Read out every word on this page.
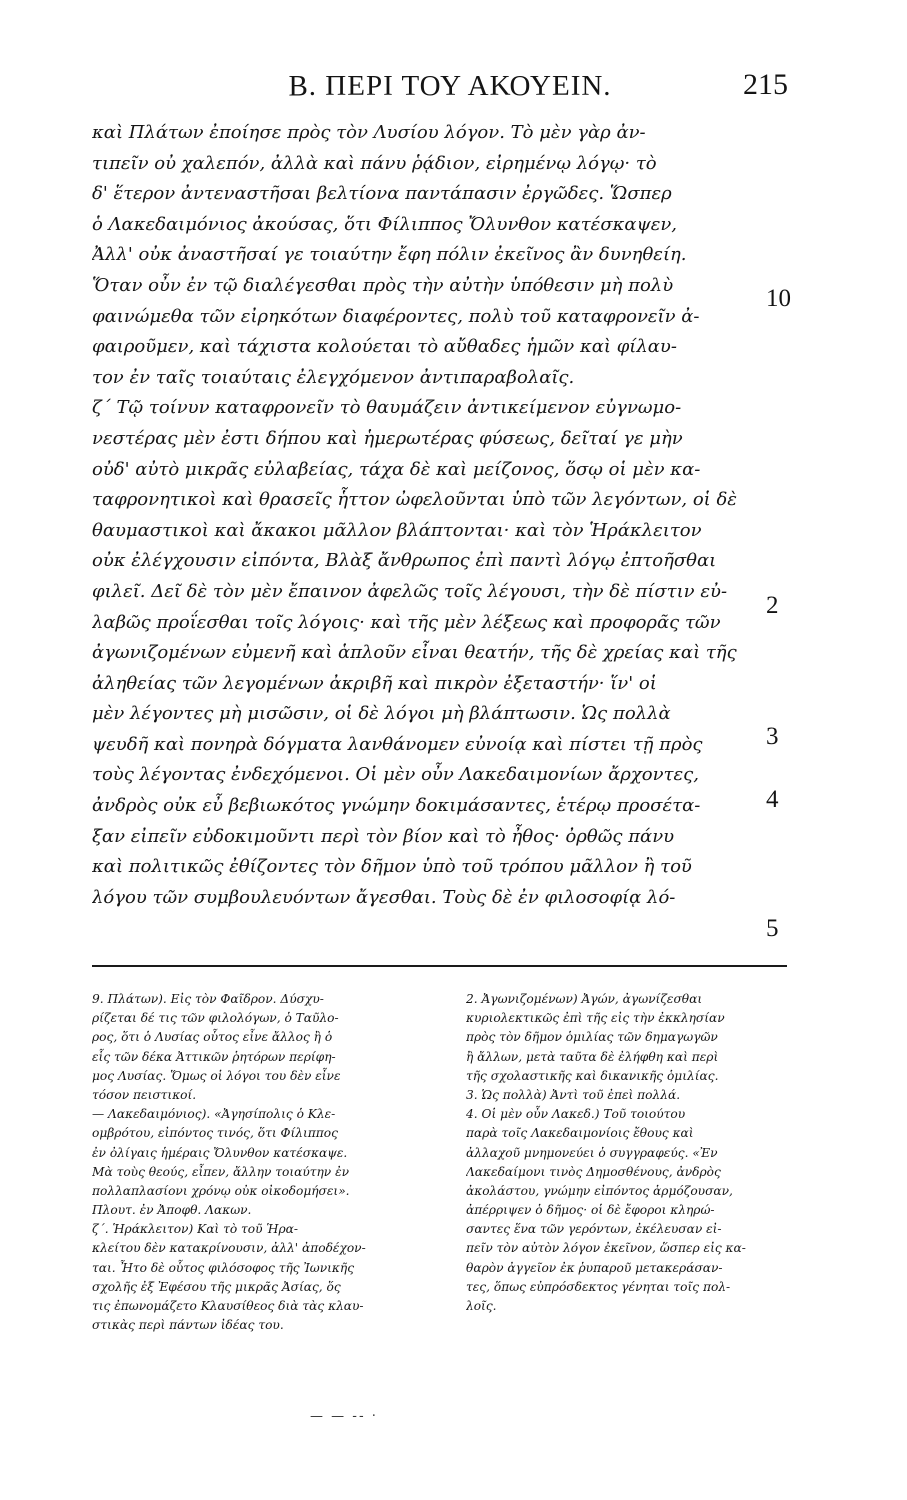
Β. ΠΕΡΙ ΤΟΥ ΑΚΟΥΕΙΝ.	215
καὶ Πλάτων ἐποίησε πρὸς τὸν Λυσίου λόγον. Τὸ μὲν γὰρ ἀν-
τιπεῖν οὐ χαλεπόν, ἀλλὰ καὶ πάνυ ῥᾴδιον, εἰρημένῳ λόγῳ· τὸ
δ' ἕτερον ἀντεναστῆσαι βελτίονα παντάπασιν ἐργῶδες. Ὥσπερ
ὁ Λακεδαιμόνιος ἀκούσας, ὅτι Φίλιππος Ὄλυνθον κατέσκαψεν,
Ἀλλ' οὐκ ἀναστῆσαί γε τοιαύτην ἔφη πόλιν ἐκεῖνος ἂν δυνηθείη.
Ὅταν οὖν ἐν τῷ διαλέγεσθαι πρὸς τὴν αὐτὴν ὑπόθεσιν μὴ πολὺ
φαινώμεθα τῶν εἰρηκότων διαφέροντες, πολὺ τοῦ καταφρονεῖν ἀ-
φαιροῦμεν, καὶ τάχιστα κολούεται τὸ αὔθαδες ἡμῶν καὶ φίλαυ-
τον ἐν ταῖς τοιαύταις ἐλεγχόμενον ἀντιπαραβολαῖς.
ζ΄ Τῷ τοίνυν καταφρονεῖν τὸ θαυμάζειν ἀντικείμενον εὐγνωμο-
νεστέρας μὲν ἐστι δήπου καὶ ἡμερωτέρας φύσεως, δεῖταί γε μὴν
οὐδ' αὐτὸ μικρᾶς εὐλαβείας, τάχα δὲ καὶ μείζονος, ὅσῳ οἱ μὲν κα-
ταφρονητικοὶ καὶ θρασεῖς ἧττον ὠφελοῦνται ὑπὸ τῶν λεγόντων, οἱ δὲ
θαυμαστικοὶ καὶ ἄκακοι μᾶλλον βλάπτονται· καὶ τὸν Ἡράκλειτον
οὐκ ἐλέγχουσιν εἰπόντα, Βλὰξ ἄνθρωπος ἐπὶ παντὶ λόγῳ ἐπτοῆσθαι
φιλεῖ. Δεῖ δὲ τὸν μὲν ἔπαινον ἀφελῶς τοῖς λέγουσι, τὴν δὲ πίστιν εὐ-
λαβῶς προΐεσθαι τοῖς λόγοις· καὶ τῆς μὲν λέξεως καὶ προφορᾶς τῶν
ἀγωνιζομένων εὐμενῆ καὶ ἁπλοῦν εἶναι θεατήν, τῆς δὲ χρείας καὶ τῆς
ἀληθείας τῶν λεγομένων ἀκριβῆ καὶ πικρὸν ἐξεταστήν· ἵν' οἱ
μὲν λέγοντες μὴ μισῶσιν, οἱ δὲ λόγοι μὴ βλάπτωσιν. Ὡς πολλὰ
ψευδῆ καὶ πονηρὰ δόγματα λανθάνομεν εὐνοίᾳ καὶ πίστει τῇ πρὸς
τοὺς λέγοντας ἐνδεχόμενοι. Οἱ μὲν οὖν Λακεδαιμονίων ἄρχοντες,
ἀνδρὸς οὐκ εὖ βεβιωκότος γνώμην δοκιμάσαντες, ἑτέρῳ προσέτα-
ξαν εἰπεῖν εὐδοκιμοῦντι περὶ τὸν βίον καὶ τὸ ἦθος· ὀρθῶς πάνυ
καὶ πολιτικῶς ἐθίζοντες τὸν δῆμον ὑπὸ τοῦ τρόπου μᾶλλον ἢ τοῦ
λόγου τῶν συμβουλευόντων ἄγεσθαι. Τοὺς δὲ ἐν φιλοσοφίᾳ λό-
10
2
3
4
5
9. Πλάτων). Εἰς τὸν Φαῖδρον. Δύσχυ-
ρίζεται δέ τις τῶν φιλολόγων, ὁ Ταῦλο-
ρος, ὅτι ὁ Λυσίας οὗτος εἶνε ἄλλος ἢ ὁ
εἷς τῶν δέκα Ἀττικῶν ῥητόρων περίφη-
μος Λυσίας. Ὅμως οἱ λόγοι του δὲν εἶνε
τόσον πειστικοί.
— Λακεδαιμόνιος). «Ἀγησίπολις ὁ Κλε-
ομβρότου, εἰπόντος τινός, ὅτι Φίλιππος
ἐν ὀλίγαις ἡμέραις Ὄλυνθον κατέσκαψε.
Μὰ τοὺς θεούς, εἶπεν, ἄλλην τοιαύτην ἐν
πολλαπλασίονι χρόνῳ οὐκ οἰκοδομήσει».
Πλουτ. ἐν Ἀποφθ. Λακων.
ζ΄. Ἡράκλειτον) Καὶ τὸ τοῦ Ἡρα-
κλείτου δὲν κατακρίνουσιν, ἀλλ' ἀποδέχον-
ται. Ἦτο δὲ οὗτος φιλόσοφος τῆς Ἰωνικῆς
σχολῆς ἐξ Ἐφέσου τῆς μικρᾶς Ἀσίας, ὅς
τις ἐπωνομάζετο Κλαυσίθεος διὰ τὰς κλαυ-
στικὰς περὶ πάντων ἰδέας του.
2. Ἀγωνιζομένων) Ἀγών, ἀγωνίζεσθαι
κυριολεκτικῶς ἐπὶ τῆς εἰς τὴν ἐκκλησίαν
πρὸς τὸν δῆμον ὁμιλίας τῶν δημαγωγῶν
ἢ ἄλλων, μετὰ ταῦτα δὲ ἐλήφθη καὶ περὶ
τῆς σχολαστικῆς καὶ δικανικῆς ὁμιλίας.
3. Ὡς πολλὰ) Ἀντὶ τοῦ ἐπεὶ πολλά.
4. Οἱ μὲν οὖν Λακεδ.) Τοῦ τοιούτου
παρὰ τοῖς Λακεδαιμονίοις ἔθους καὶ
ἀλλαχοῦ μνημονεύει ὁ συγγραφεύς. «Ἐν
Λακεδαίμονι τινὸς Δημοσθένους, ἀνδρὸς
ἀκολάστου, γνώμην εἰπόντος ἁρμόζουσαν,
ἀπέρριψεν ὁ δῆμος· οἱ δὲ ἔφοροι κληρώ-
σαντες ἕνα τῶν γερόντων, ἐκέλευσαν εἰ-
πεῖν τὸν αὐτὸν λόγον ἐκεῖνον, ὥσπερ εἰς κα-
θαρὸν ἀγγεῖον ἐκ ῥυπαροῦ μετακεράσαν-
τες, ὅπως εὐπρόσδεκτος γένηται τοῖς πολ-
λοῖς.
— — ‐‐ ·
